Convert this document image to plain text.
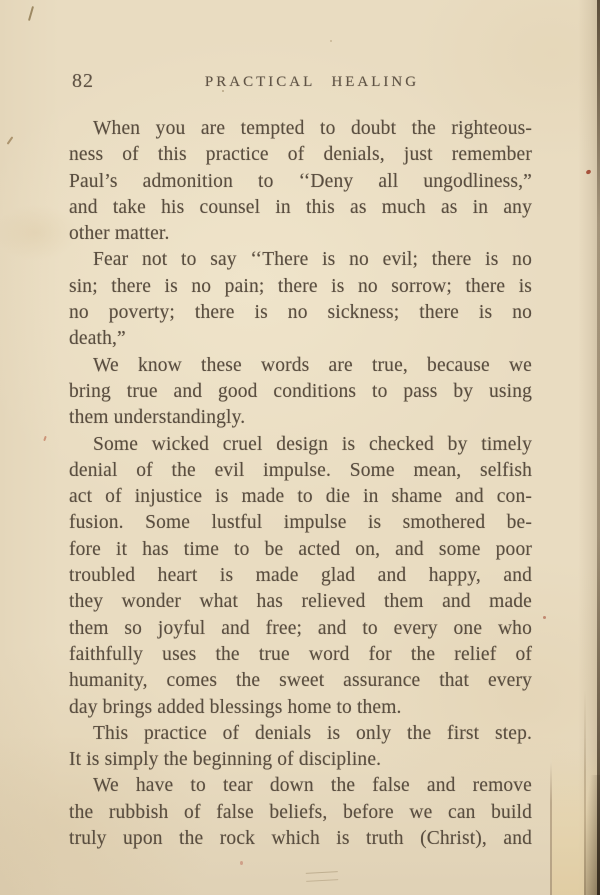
82	PRACTICAL HEALING
When you are tempted to doubt the righteous-
ness of this practice of denials, just remember
Paul’s admonition to ‘‘Deny all ungodliness,”
and take his counsel in this as much as in any
other matter.
Fear not to say ‘‘There is no evil; there is no
sin; there is no pain; there is no sorrow; there is
no poverty; there is no sickness; there is no
death,”
We know these words are true, because we
bring true and good conditions to pass by using
them understandingly.
Some wicked cruel design is checked by timely
denial of the evil impulse. Some mean, selfish
act of injustice is made to die in shame and con-
fusion. Some lustful impulse is smothered be-
fore it has time to be acted on, and some poor
troubled heart is made glad and happy, and
they wonder what has relieved them and made
them so joyful and free; and to every one who
faithfully uses the true word for the relief of
humanity, comes the sweet assurance that every
day brings added blessings home to them.
This practice of denials is only the first step.
It is simply the beginning of discipline.
We have to tear down the false and remove
the rubbish of false beliefs, before we can build
truly upon the rock which is truth (Christ), and
